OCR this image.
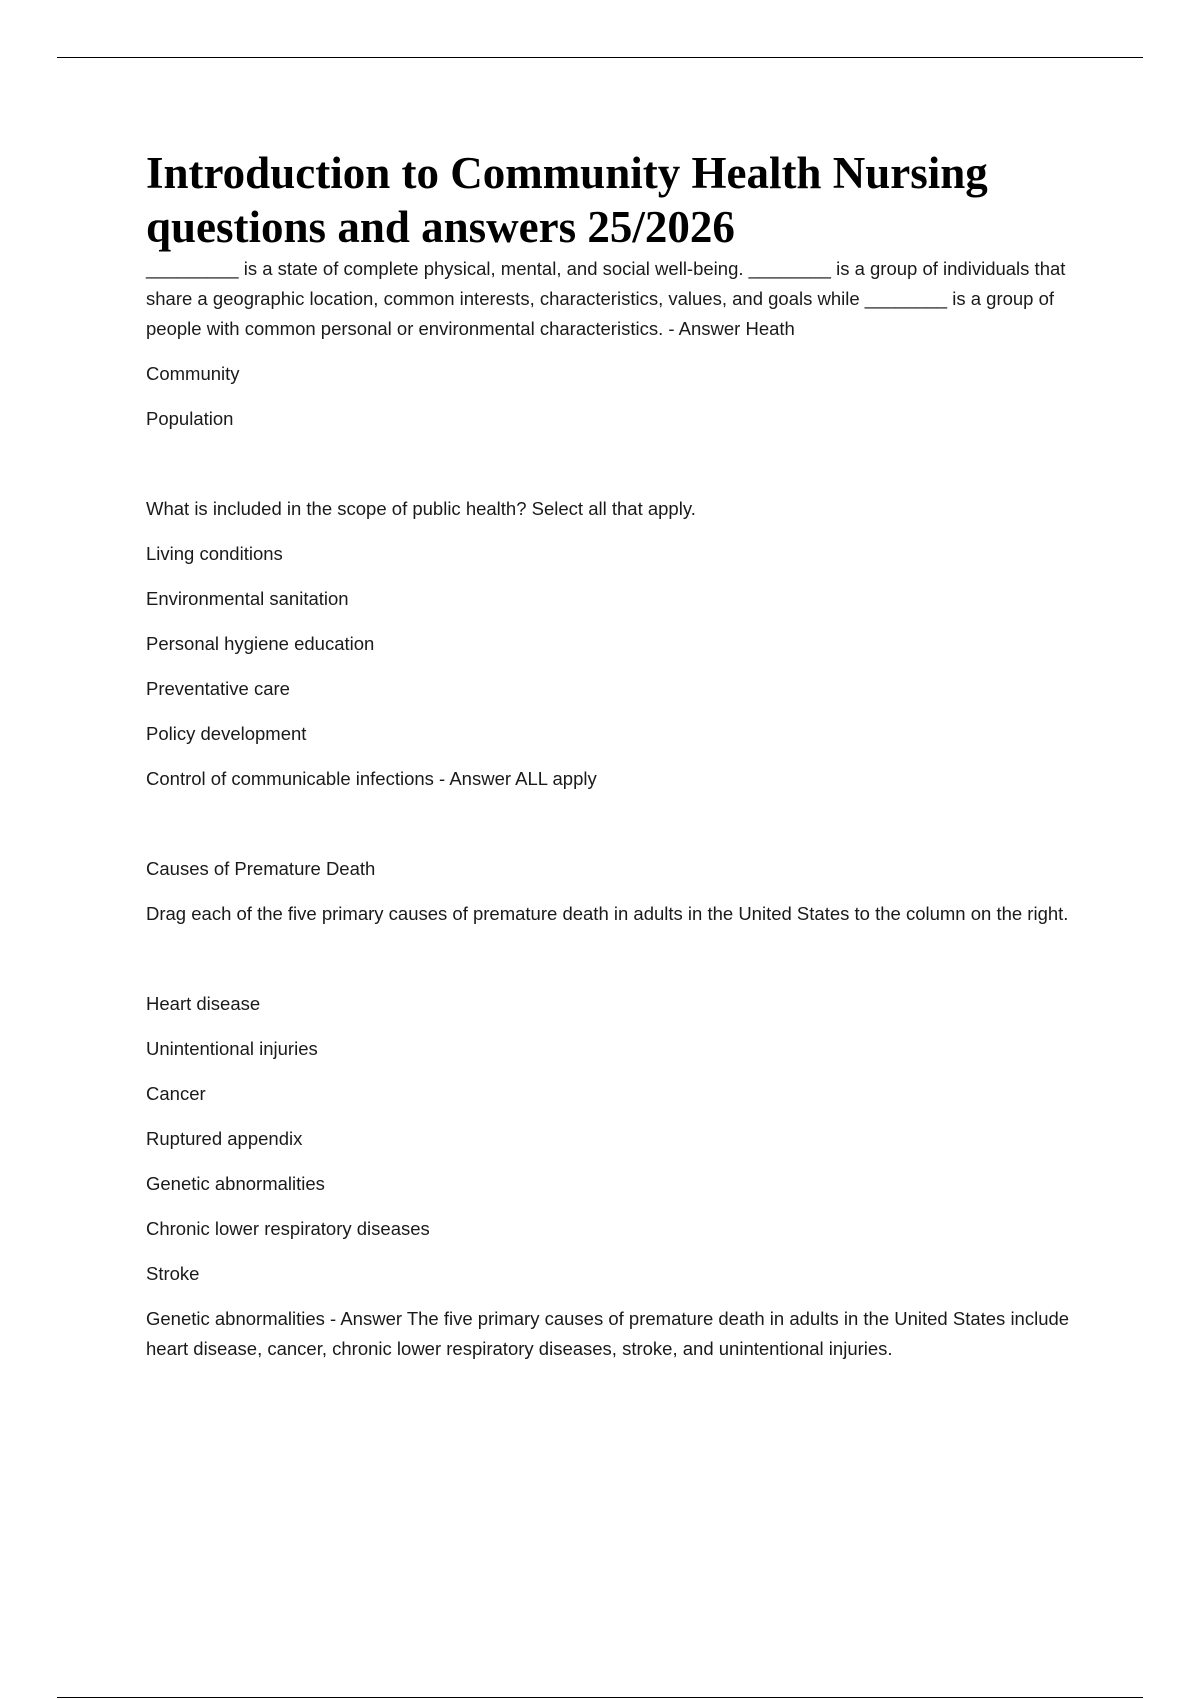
Introduction to Community Health Nursing
questions and answers 25/2026

_________ is a state of complete physical, mental, and social well-being. ________ is a group of individuals that share a geographic location, common interests, characteristics, values, and goals while ________ is a group of people with common personal or environmental characteristics. - Answer Heath

Community

Population

What is included in the scope of public health? Select all that apply.

Living conditions

Environmental sanitation

Personal hygiene education

Preventative care

Policy development

Control of communicable infections - Answer ALL apply

Causes of Premature Death

Drag each of the five primary causes of premature death in adults in the United States to the column on the right.

Heart disease

Unintentional injuries

Cancer

Ruptured appendix

Genetic abnormalities

Chronic lower respiratory diseases

Stroke

Genetic abnormalities - Answer The five primary causes of premature death in adults in the United States include heart disease, cancer, chronic lower respiratory diseases, stroke, and unintentional injuries.
